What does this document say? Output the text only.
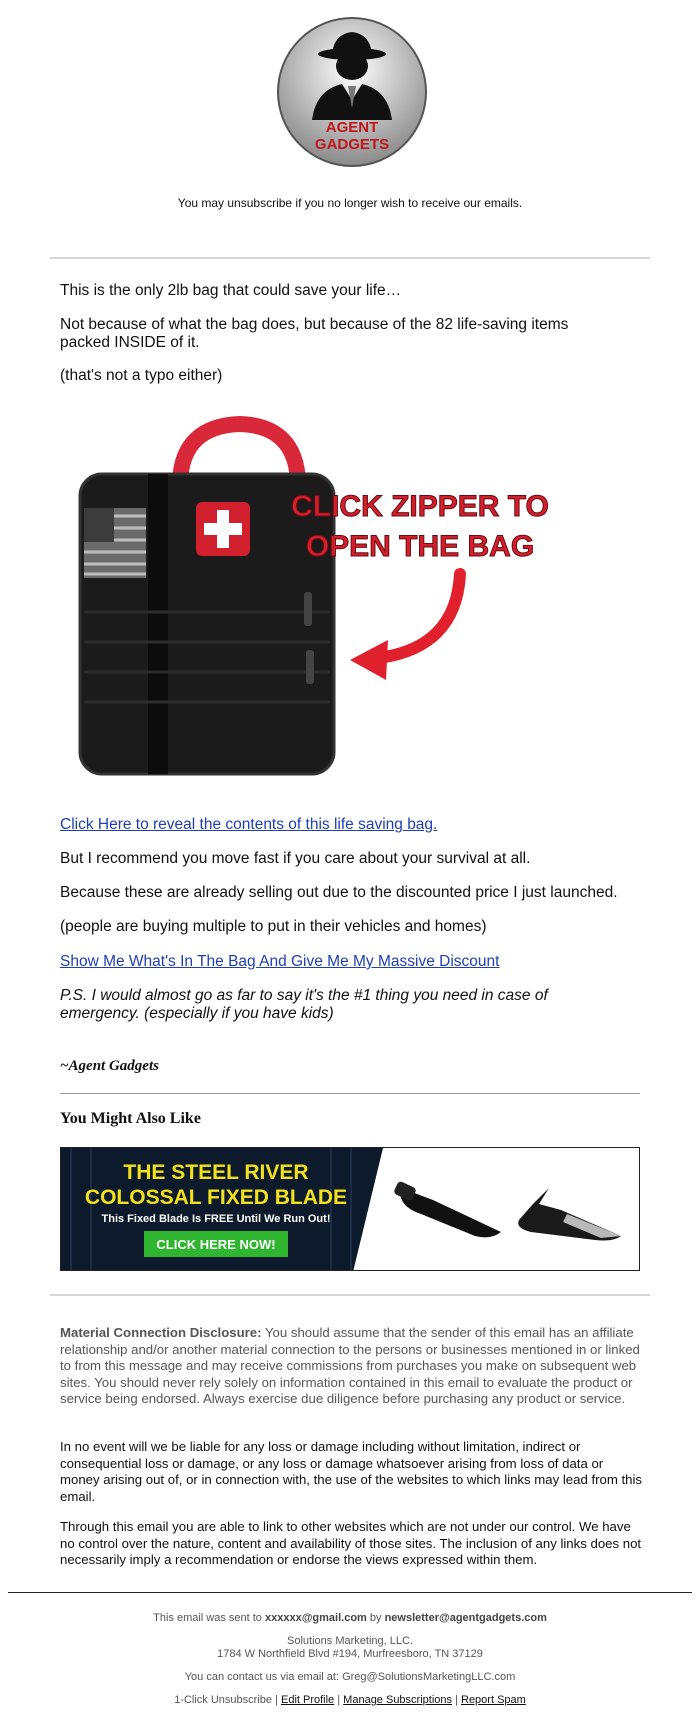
AGENT
GADGETS
You may unsubscribe if you no longer wish to receive our emails.
This is the only 2lb bag that could save your life…
Not because of what the bag does, but because of the 82 life-saving items packed INSIDE of it.
(that's not a typo either)
CLICK ZIPPER TO
OPEN THE BAG
Click Here to reveal the contents of this life saving bag.
But I recommend you move fast if you care about your survival at all.
Because these are already selling out due to the discounted price I just launched.
(people are buying multiple to put in their vehicles and homes)
Show Me What's In The Bag And Give Me My Massive Discount
P.S. I would almost go as far to say it's the #1 thing you need in case of emergency. (especially if you have kids)
~Agent Gadgets
You Might Also Like
THE STEEL RIVER
COLOSSAL FIXED BLADE
This Fixed Blade Is FREE Until We Run Out!
CLICK HERE NOW!
Material Connection Disclosure: You should assume that the sender of this email has an affiliate relationship and/or another material connection to the persons or businesses mentioned in or linked to from this message and may receive commissions from purchases you make on subsequent web sites. You should never rely solely on information contained in this email to evaluate the product or service being endorsed. Always exercise due diligence before purchasing any product or service.
In no event will we be liable for any loss or damage including without limitation, indirect or consequential loss or damage, or any loss or damage whatsoever arising from loss of data or money arising out of, or in connection with, the use of the websites to which links may lead from this email.
Through this email you are able to link to other websites which are not under our control. We have no control over the nature, content and availability of those sites. The inclusion of any links does not necessarily imply a recommendation or endorse the views expressed within them.
This email was sent to xxxxxx@gmail.com by newsletter@agentgadgets.com
Solutions Marketing, LLC.
1784 W Northfield Blvd #194, Murfreesboro, TN 37129
You can contact us via email at: Greg@SolutionsMarketingLLC.com
1-Click Unsubscribe | Edit Profile | Manage Subscriptions | Report Spam
